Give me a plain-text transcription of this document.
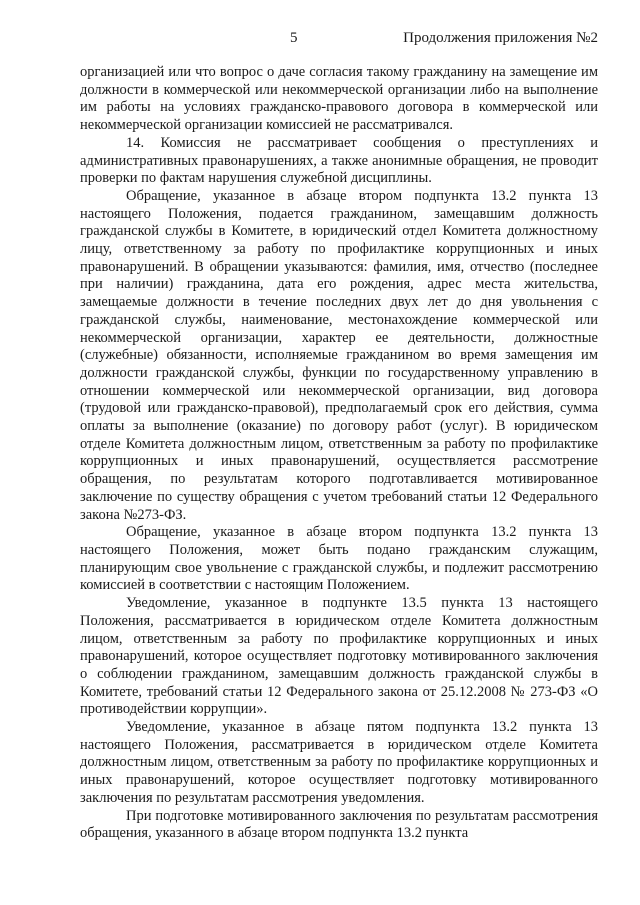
5	Продолжения приложения №2

организацией или что вопрос о даче согласия такому гражданину на замещение им должности в коммерческой или некоммерческой организации либо на выполнение им работы на условиях гражданско-правового договора в коммерческой или некоммерческой организации комиссией не рассматривался.

14. Комиссия не рассматривает сообщения о преступлениях и административных правонарушениях, а также анонимные обращения, не проводит проверки по фактам нарушения служебной дисциплины.

Обращение, указанное в абзаце втором подпункта 13.2 пункта 13 настоящего Положения, подается гражданином, замещавшим должность гражданской службы в Комитете, в юридический отдел Комитета должностному лицу, ответственному за работу по профилактике коррупционных и иных правонарушений. В обращении указываются: фамилия, имя, отчество (последнее при наличии) гражданина, дата его рождения, адрес места жительства, замещаемые должности в течение последних двух лет до дня увольнения с гражданской службы, наименование, местонахождение коммерческой или некоммерческой организации, характер ее деятельности, должностные (служебные) обязанности, исполняемые гражданином во время замещения им должности гражданской службы, функции по государственному управлению в отношении коммерческой или некоммерческой организации, вид договора (трудовой или гражданско-правовой), предполагаемый срок его действия, сумма оплаты за выполнение (оказание) по договору работ (услуг). В юридическом отделе Комитета должностным лицом, ответственным за работу по профилактике коррупционных и иных правонарушений, осуществляется рассмотрение обращения, по результатам которого подготавливается мотивированное заключение по существу обращения с учетом требований статьи 12 Федерального закона №273-ФЗ.

Обращение, указанное в абзаце втором подпункта 13.2 пункта 13 настоящего Положения, может быть подано гражданским служащим, планирующим свое увольнение с гражданской службы, и подлежит рассмотрению комиссией в соответствии с настоящим Положением.

Уведомление, указанное в подпункте 13.5 пункта 13 настоящего Положения, рассматривается в юридическом отделе Комитета должностным лицом, ответственным за работу по профилактике коррупционных и иных правонарушений, которое осуществляет подготовку мотивированного заключения о соблюдении гражданином, замещавшим должность гражданской службы в Комитете, требований статьи 12 Федерального закона от 25.12.2008 № 273-ФЗ «О противодействии коррупции».

Уведомление, указанное в абзаце пятом подпункта 13.2 пункта 13 настоящего Положения, рассматривается в юридическом отделе Комитета должностным лицом, ответственным за работу по профилактике коррупционных и иных правонарушений, которое осуществляет подготовку мотивированного заключения по результатам рассмотрения уведомления.

При подготовке мотивированного заключения по результатам рассмотрения обращения, указанного в абзаце втором подпункта 13.2 пункта
